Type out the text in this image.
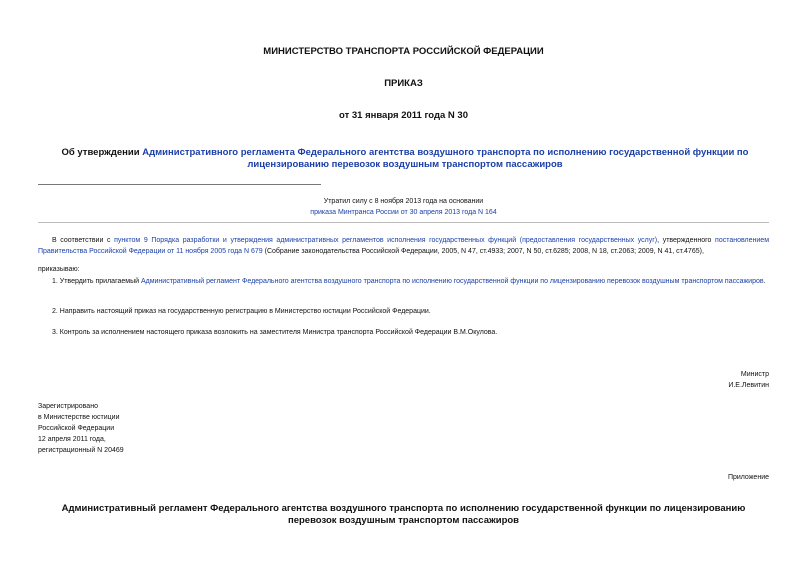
МИНИСТЕРСТВО ТРАНСПОРТА РОССИЙСКОЙ ФЕДЕРАЦИИ
ПРИКАЗ
от 31 января 2011 года N 30
Об утверждении Административного регламента Федерального агентства воздушного транспорта по исполнению государственной функции по лицензированию перевозок воздушным транспортом пассажиров
Утратил силу с 8 ноября 2013 года на основании
приказа Минтранса России от 30 апреля 2013 года N 164
В соответствии с пунктом 9 Порядка разработки и утверждения административных регламентов исполнения государственных функций (предоставления государственных услуг), утвержденного постановлением Правительства Российской Федерации от 11 ноября 2005 года N 679 (Собрание законодательства Российской Федерации, 2005, N 47, ст.4933; 2007, N 50, ст.6285; 2008, N 18, ст.2063; 2009, N 41, ст.4765),
приказываю:
1. Утвердить прилагаемый Административный регламент Федерального агентства воздушного транспорта по исполнению государственной функции по лицензированию перевозок воздушным транспортом пассажиров.
2. Направить настоящий приказ на государственную регистрацию в Министерство юстиции Российской Федерации.
3. Контроль за исполнением настоящего приказа возложить на заместителя Министра транспорта Российской Федерации В.М.Окулова.
Министр
И.Е.Левитин
Зарегистрировано
в Министерстве юстиции
Российской Федерации
12 апреля 2011 года,
регистрационный N 20469
Приложение
Административный регламент Федерального агентства воздушного транспорта по исполнению государственной функции по лицензированию перевозок воздушным транспортом пассажиров
